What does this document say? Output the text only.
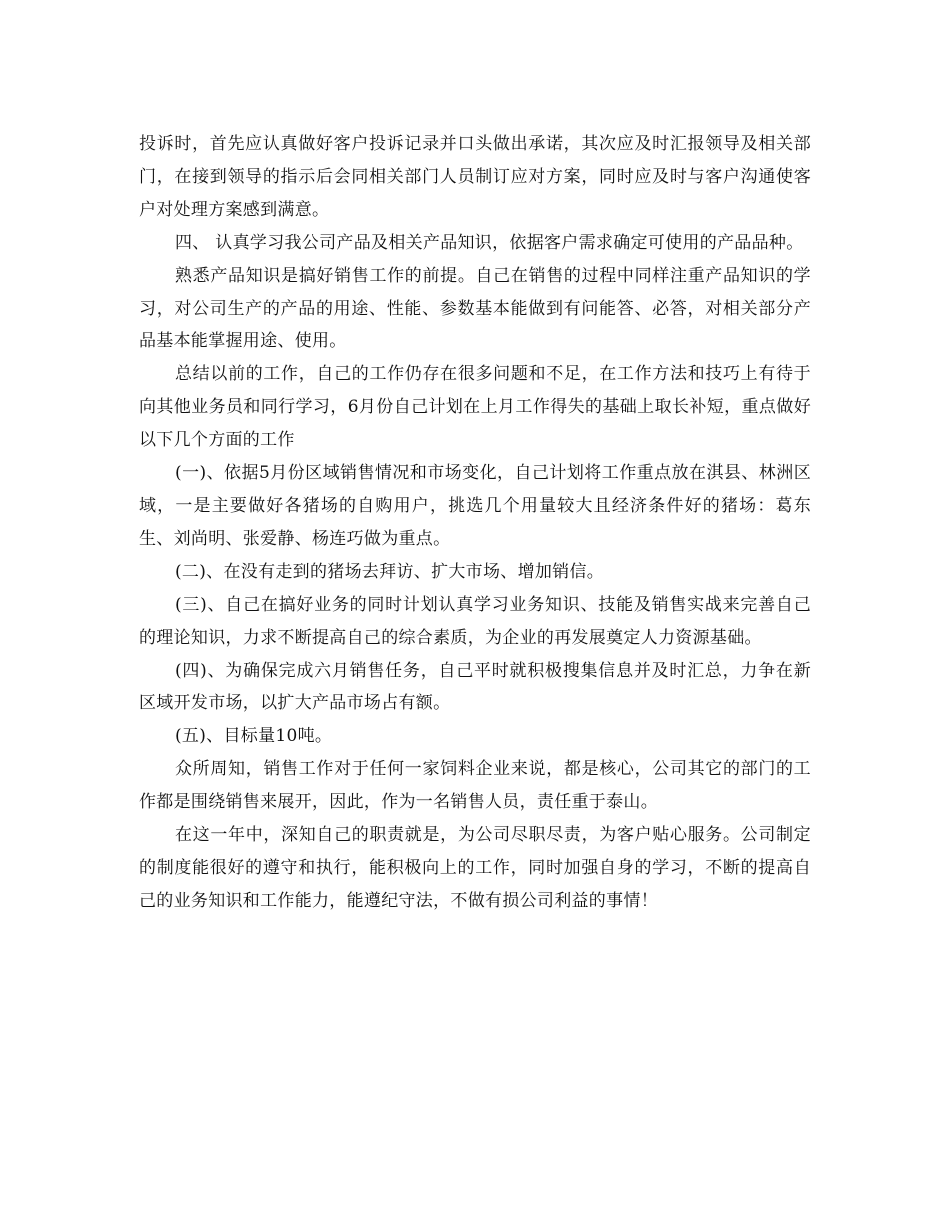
投诉时，首先应认真做好客户投诉记录并口头做出承诺，其次应及时汇报领导及相关部门，在接到领导的指示后会同相关部门人员制订应对方案，同时应及时与客户沟通使客户对处理方案感到满意。

四、 认真学习我公司产品及相关产品知识，依据客户需求确定可使用的产品品种。

熟悉产品知识是搞好销售工作的前提。自己在销售的过程中同样注重产品知识的学习，对公司生产的产品的用途、性能、参数基本能做到有问能答、必答，对相关部分产品基本能掌握用途、使用。

总结以前的工作，自己的工作仍存在很多问题和不足，在工作方法和技巧上有待于向其他业务员和同行学习，6月份自己计划在上月工作得失的基础上取长补短，重点做好以下几个方面的工作

(一)、依据5月份区域销售情况和市场变化，自己计划将工作重点放在淇县、林洲区域，一是主要做好各猪场的自购用户，挑选几个用量较大且经济条件好的猪场：葛东生、刘尚明、张爱静、杨连巧做为重点。

(二)、在没有走到的猪场去拜访、扩大市场、增加销信。

(三)、自己在搞好业务的同时计划认真学习业务知识、技能及销售实战来完善自己的理论知识，力求不断提高自己的综合素质，为企业的再发展奠定人力资源基础。

(四)、为确保完成六月销售任务，自己平时就积极搜集信息并及时汇总，力争在新区域开发市场，以扩大产品市场占有额。

(五)、目标量10吨。

众所周知，销售工作对于任何一家饲料企业来说，都是核心，公司其它的部门的工作都是围绕销售来展开，因此，作为一名销售人员，责任重于泰山。

在这一年中，深知自己的职责就是，为公司尽职尽责，为客户贴心服务。公司制定的制度能很好的遵守和执行，能积极向上的工作，同时加强自身的学习，不断的提高自己的业务知识和工作能力，能遵纪守法，不做有损公司利益的事情！
